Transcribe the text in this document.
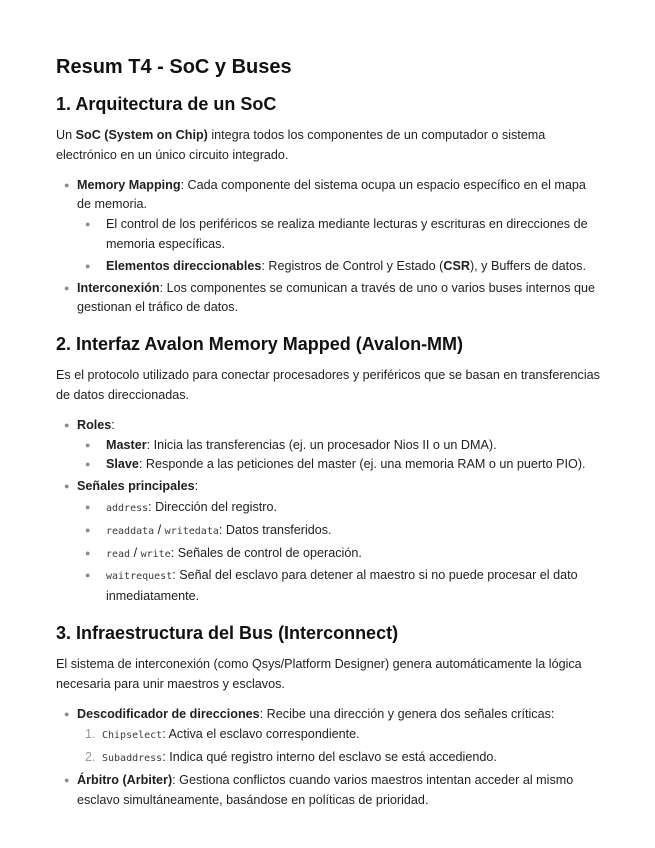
Resum T4 - SoC y Buses
1. Arquitectura de un SoC

Un SoC (System on Chip) integra todos los componentes de un computador o sistema electrónico en un único circuito integrado.

● Memory Mapping: Cada componente del sistema ocupa un espacio específico en el mapa de memoria.
● El control de los periféricos se realiza mediante lecturas y escrituras en direcciones de memoria específicas.
● Elementos direccionables: Registros de Control y Estado (CSR), y Buffers de datos.
● Interconexión: Los componentes se comunican a través de uno o varios buses internos que gestionan el tráfico de datos.
2. Interfaz Avalon Memory Mapped (Avalon-MM)

Es el protocolo utilizado para conectar procesadores y periféricos que se basan en transferencias de datos direccionadas.

● Roles:
● Master: Inicia las transferencias (ej. un procesador Nios II o un DMA).
● Slave: Responde a las peticiones del master (ej. una memoria RAM o un puerto PIO).
● Señales principales:
● address: Dirección del registro.
● readdata / writedata: Datos transferidos.
● read / write: Señales de control de operación.
● waitrequest: Señal del esclavo para detener al maestro si no puede procesar el dato inmediatamente.
3. Infraestructura del Bus (Interconnect)

El sistema de interconexión (como Qsys/Platform Designer) genera automáticamente la lógica necesaria para unir maestros y esclavos.

● Descodificador de direcciones: Recibe una dirección y genera dos señales críticas:
1. Chipselect: Activa el esclavo correspondiente.
2. Subaddress: Indica qué registro interno del esclavo se está accediendo.
● Árbitro (Arbiter): Gestiona conflictos cuando varios maestros intentan acceder al mismo esclavo simultáneamente, basándose en políticas de prioridad.
